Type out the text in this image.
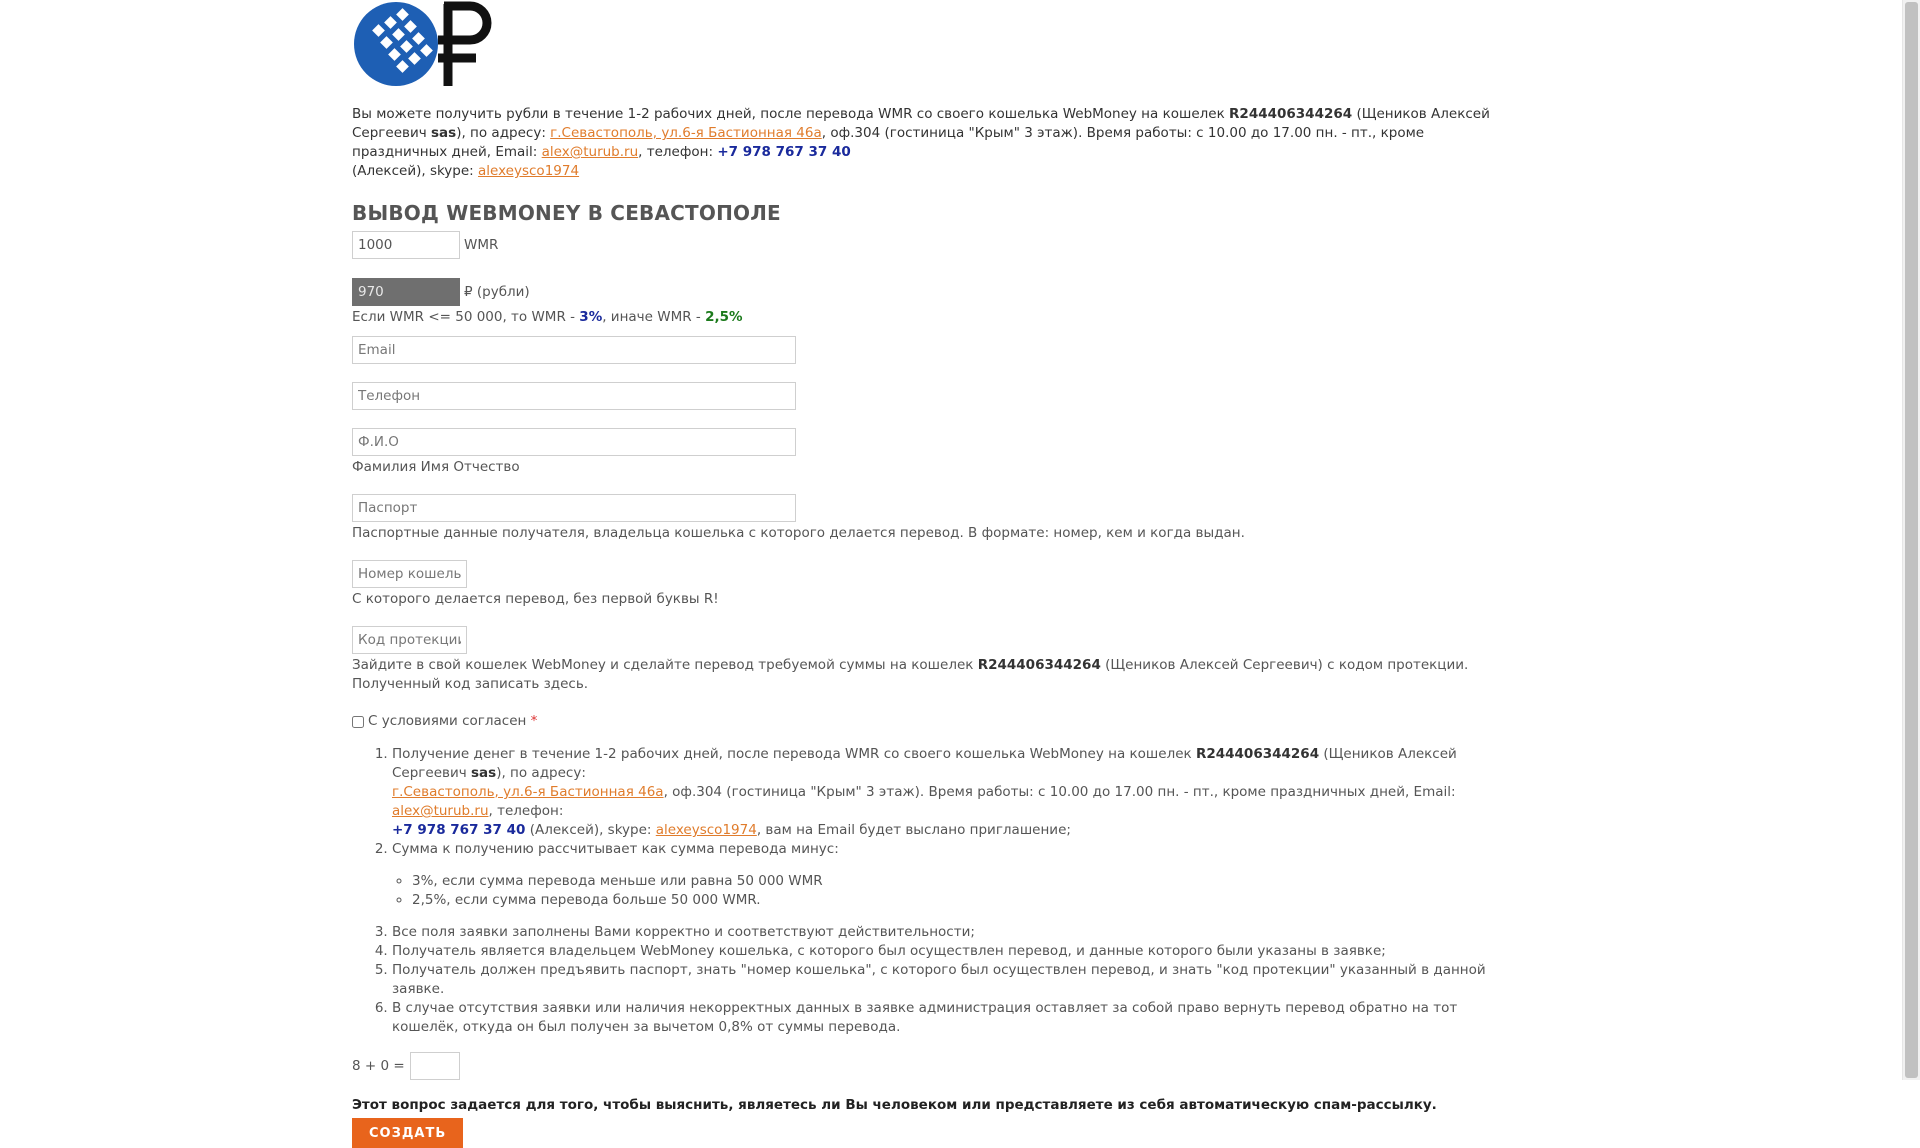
Вы можете получить рубли в течение 1-2 рабочих дней, после перевода WMR со своего кошелька WebMoney на кошелек R244406344264 (Щеников Алексей Сергеевич sas), по адресу: г.Севастополь, ул.6-я Бастионная 46а, оф.304 (гостиница "Крым" 3 этаж). Время работы: с 10.00 до 17.00 пн. - пт., кроме праздничных дней, Email: alex@turub.ru, телефон: +7 978 767 37 40
(Алексей), skype: alexeysco1974
ВЫВОД WEBMONEY В СЕВАСТОПОЛЕ
1000
WMR
970
₽ (рубли)
Если WMR <= 50 000, то WMR - 3%, иначе WMR - 2,5%
Email
Телефон
Ф.И.О
Фамилия Имя Отчество
Паспорт
Паспортные данные получателя, владельца кошелька с которого делается перевод. В формате: номер, кем и когда выдан.
Номер кошелька
С которого делается перевод, без первой буквы R!
Код протекции
Зайдите в свой кошелек WebMoney и сделайте перевод требуемой суммы на кошелек R244406344264 (Щеников Алексей Сергеевич) с кодом протекции. Полученный код записать здесь.
С условиями согласен
*
1. Получение денег в течение 1-2 рабочих дней, после перевода WMR со своего кошелька WebMoney на кошелек R244406344264 (Щеников Алексей Сергеевич sas), по адресу:
г.Севастополь, ул.6-я Бастионная 46а, оф.304 (гостиница "Крым" 3 этаж). Время работы: с 10.00 до 17.00 пн. - пт., кроме праздничных дней, Email: alex@turub.ru, телефон:
+7 978 767 37 40 (Алексей), skype: alexeysco1974, вам на Email будет выслано приглашение;
2. Сумма к получению рассчитывает как сумма перевода минус:
◦ 3%, если сумма перевода меньше или равна 50 000 WMR
◦ 2,5%, если сумма перевода больше 50 000 WMR.
3. Все поля заявки заполнены Вами корректно и соответствуют действительности;
4. Получатель является владельцем WebMoney кошелька, с которого был осуществлен перевод, и данные которого были указаны в заявке;
5. Получатель должен предъявить паспорт, знать "номер кошелька", с которого был осуществлен перевод, и знать "код протекции" указанный в данной заявке.
6. В случае отсутствия заявки или наличия некорректных данных в заявке администрация оставляет за собой право вернуть перевод обратно на тот кошелёк, откуда он был получен за вычетом 0,8% от суммы перевода.
8 + 0 =
Этот вопрос задается для того, чтобы выяснить, являетесь ли Вы человеком или представляете из себя автоматическую спам-рассылку.
СОЗДАТЬ
